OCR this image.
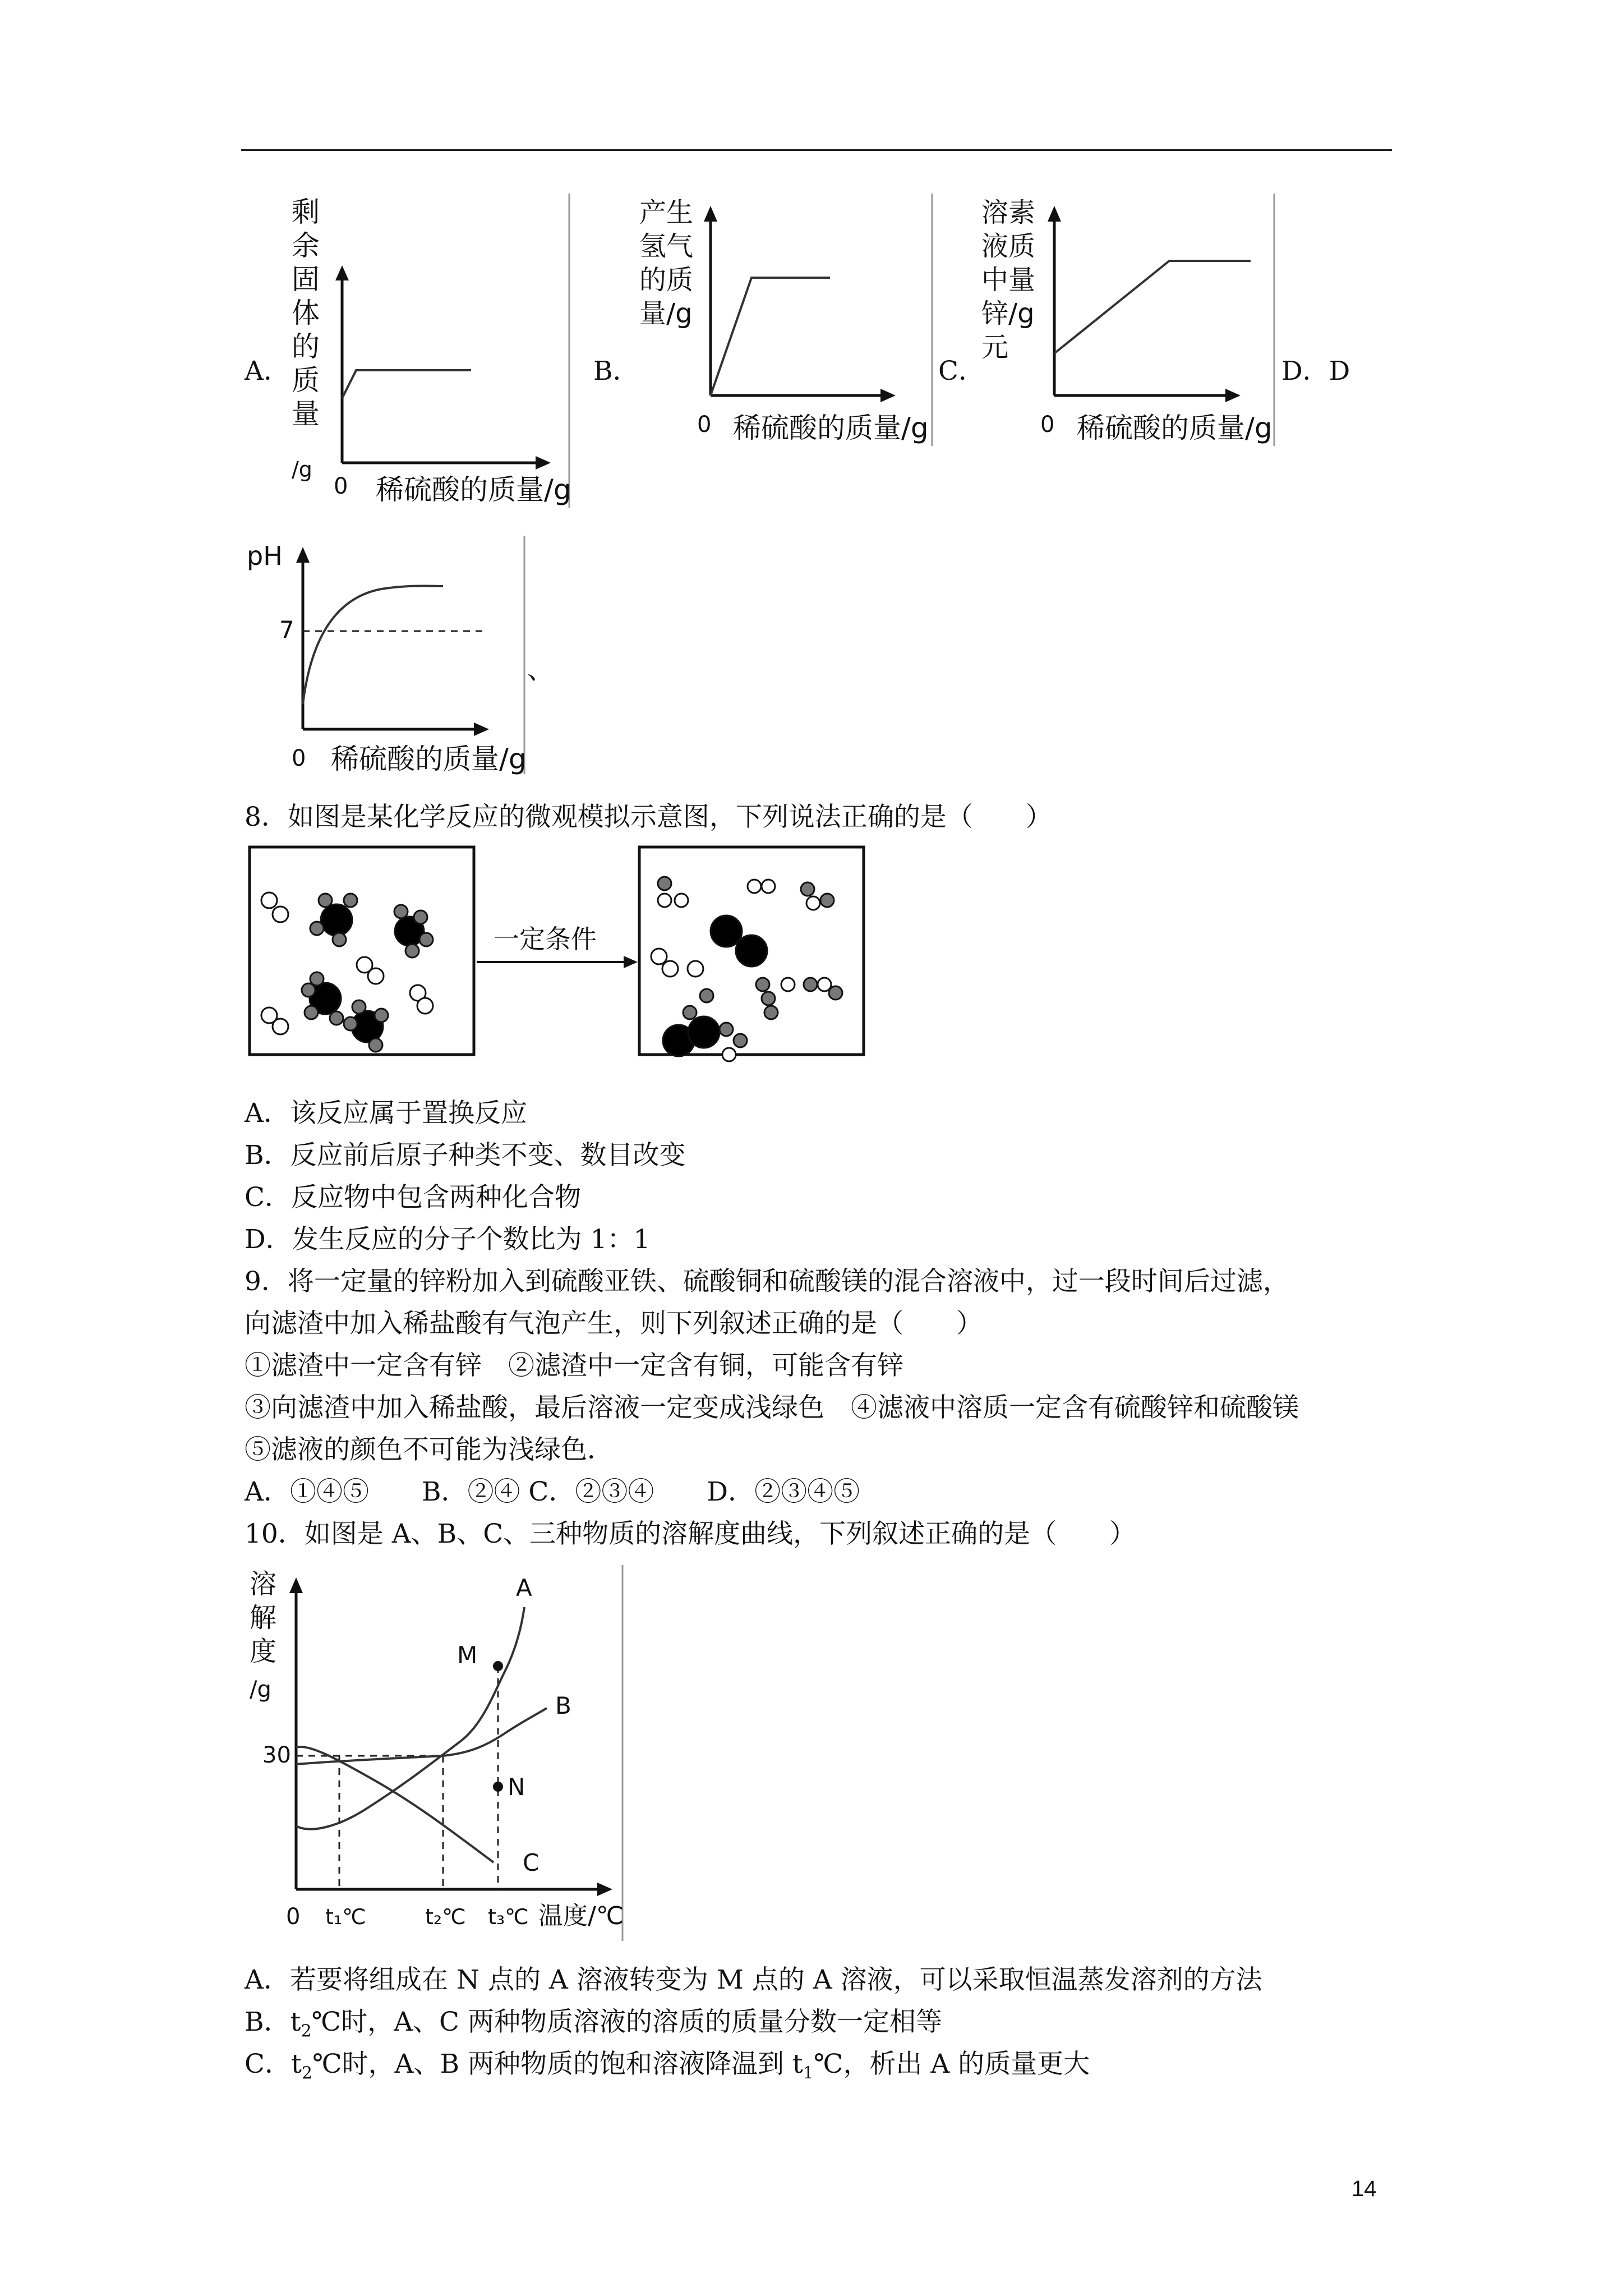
A．
剩
余
固
体
的
质
量
/g
0 稀硫酸的质量/g
B．
产生
氢气
的质
量/g
0 稀硫酸的质量/g
C．
溶素
液质
中量
锌/g
元
0 稀硫酸的质量/g
D．D
pH
7
0 稀硫酸的质量/g
、
8．如图是某化学反应的微观模拟示意图，下列说法正确的是（　　）
一定条件
A．该反应属于置换反应
B．反应前后原子种类不变、数目改变
C．反应物中包含两种化合物
D．发生反应的分子个数比为 1：1
9．将一定量的锌粉加入到硫酸亚铁、硫酸铜和硫酸镁的混合溶液中，过一段时间后过滤，
向滤渣中加入稀盐酸有气泡产生，则下列叙述正确的是（　　）
①滤渣中一定含有锌　②滤渣中一定含有铜，可能含有锌
③向滤渣中加入稀盐酸，最后溶液一定变成浅绿色　④滤液中溶质一定含有硫酸锌和硫酸镁
⑤滤液的颜色不可能为浅绿色．
A．①④⑤　　B．②④ C．②③④　　D．②③④⑤
10．如图是 A、B、C、三种物质的溶解度曲线，下列叙述正确的是（　　）
溶
解
度
/g
30
0
A
B
C
M
N
t₁℃	t₂℃ t₃℃ 温度/℃
A．若要将组成在 N 点的 A 溶液转变为 M 点的 A 溶液，可以采取恒温蒸发溶剂的方法
B．$t_2℃$时，A、C 两种物质溶液的溶质的质量分数一定相等
C．$t_2℃$时，A、B 两种物质的饱和溶液降温到 $t_1℃$，析出 A 的质量更大
14
